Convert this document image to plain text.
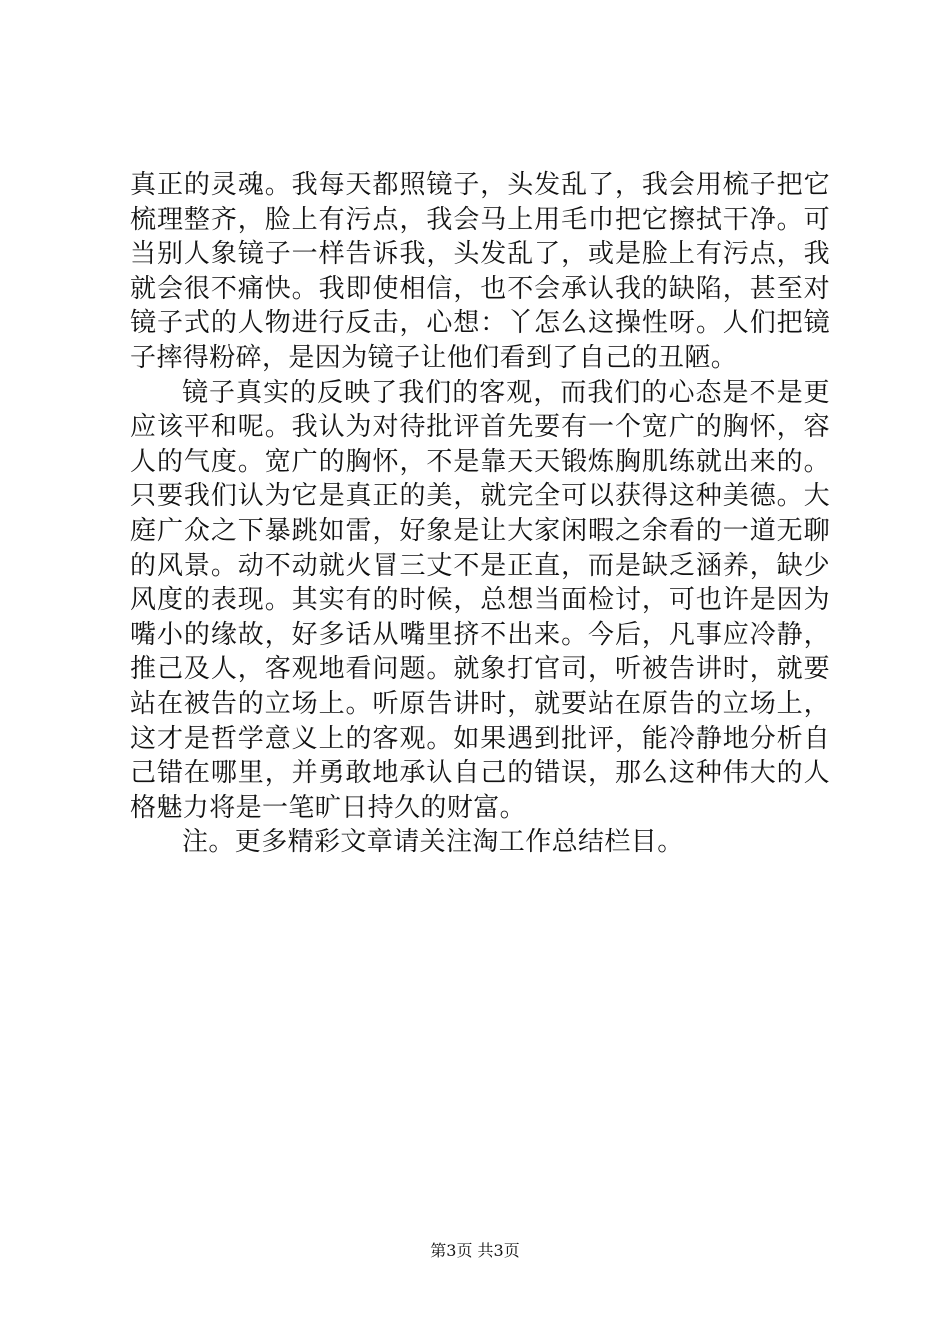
真正的灵魂。我每天都照镜子，头发乱了，我会用梳子把它梳理整齐，脸上有污点，我会马上用毛巾把它擦拭干净。可当别人象镜子一样告诉我，头发乱了，或是脸上有污点，我就会很不痛快。我即使相信，也不会承认我的缺陷，甚至对镜子式的人物进行反击，心想：丫怎么这操性呀。人们把镜子摔得粉碎，是因为镜子让他们看到了自己的丑陋。

镜子真实的反映了我们的客观，而我们的心态是不是更应该平和呢。我认为对待批评首先要有一个宽广的胸怀，容人的气度。宽广的胸怀，不是靠天天锻炼胸肌练就出来的。只要我们认为它是真正的美，就完全可以获得这种美德。大庭广众之下暴跳如雷，好象是让大家闲暇之余看的一道无聊的风景。动不动就火冒三丈不是正直，而是缺乏涵养，缺少风度的表现。其实有的时候，总想当面检讨，可也许是因为嘴小的缘故，好多话从嘴里挤不出来。今后，凡事应冷静，推己及人，客观地看问题。就象打官司，听被告讲时，就要站在被告的立场上。听原告讲时，就要站在原告的立场上，这才是哲学意义上的客观。如果遇到批评，能冷静地分析自己错在哪里，并勇敢地承认自己的错误，那么这种伟大的人格魅力将是一笔旷日持久的财富。

注。更多精彩文章请关注淘工作总结栏目。

第3页 共3页
